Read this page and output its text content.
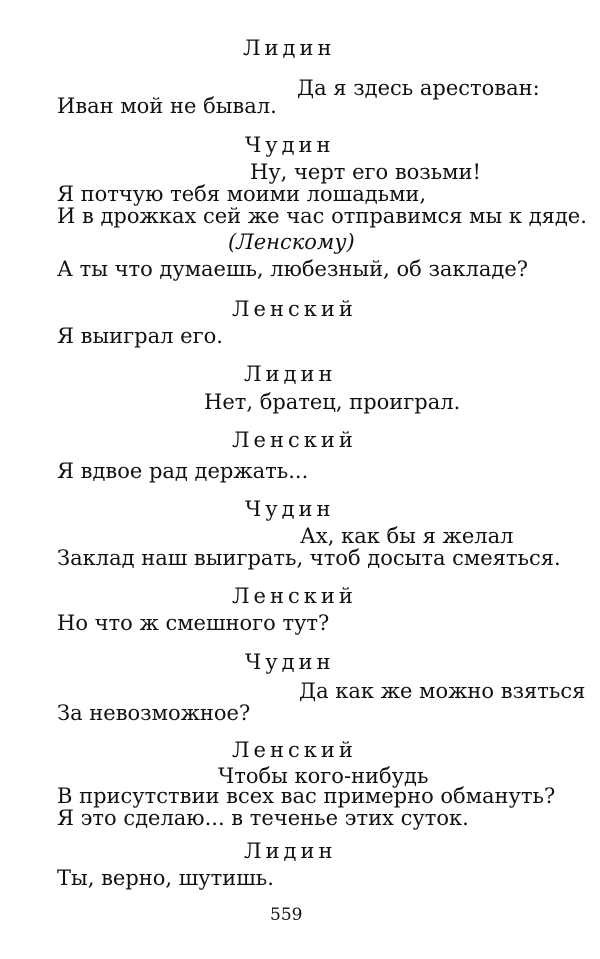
Лидин
Да я здесь арестован:
Иван мой не бывал.
Чудин
Ну, черт его возьми!
Я потчую тебя моими лошадьми,
И в дрожках сей же час отправимся мы к дяде.
(Ленскому)
А ты что думаешь, любезный, об закладе?
Ленский
Я выиграл его.
Лидин
Нет, братец, проиграл.
Ленский
Я вдвое рад держать...
Чудин
Ах, как бы я желал
Заклад наш выиграть, чтоб досыта смеяться.
Ленский
Но что ж смешного тут?
Чудин
Да как же можно взяться
За невозможное?
Ленский
Чтобы кого-нибудь
В присутствии всех вас примерно обмануть?
Я это сделаю... в теченье этих суток.
Лидин
Ты, верно, шутишь.
559
